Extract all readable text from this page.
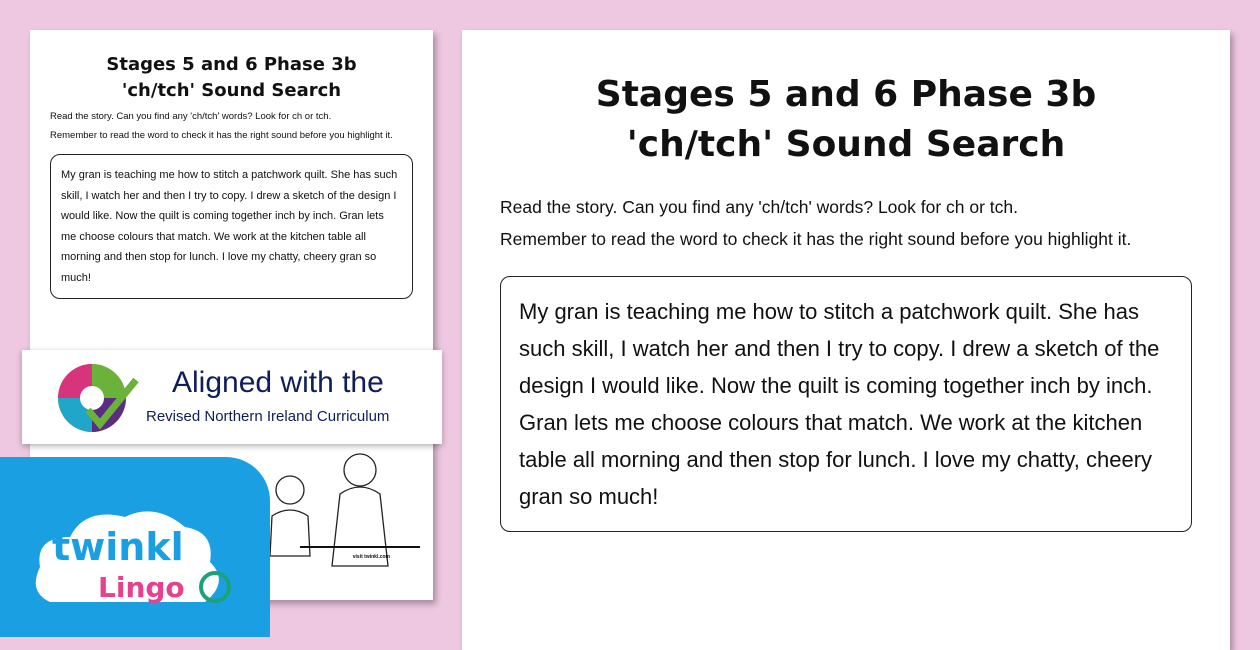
Stages 5 and 6 Phase 3b
'ch/tch' Sound Search

Read the story. Can you find any 'ch/tch' words? Look for ch or tch.

Remember to read the word to check it has the right sound before you highlight it.

My gran is teaching me how to stitch a patchwork quilt. She has such skill, I watch her and then I try to copy. I drew a sketch of the design I would like. Now the quilt is coming together inch by inch. Gran lets me choose colours that match. We work at the kitchen table all morning and then stop for lunch. I love my chatty, cheery gran so much!
visit twinkl.com
Stages 5 and 6 Phase 3b
'ch/tch' Sound Search

Read the story. Can you find any 'ch/tch' words? Look for ch or tch.

Remember to read the word to check it has the right sound before you highlight it.

My gran is teaching me how to stitch a patchwork quilt. She has such skill, I watch her and then I try to copy. I drew a sketch of the design I would like. Now the quilt is coming together inch by inch. Gran lets me choose colours that match. We work at the kitchen table all morning and then stop for lunch. I love my chatty, cheery gran so much!
twinkl
Lingo
Aligned with the
Revised Northern Ireland Curriculum
